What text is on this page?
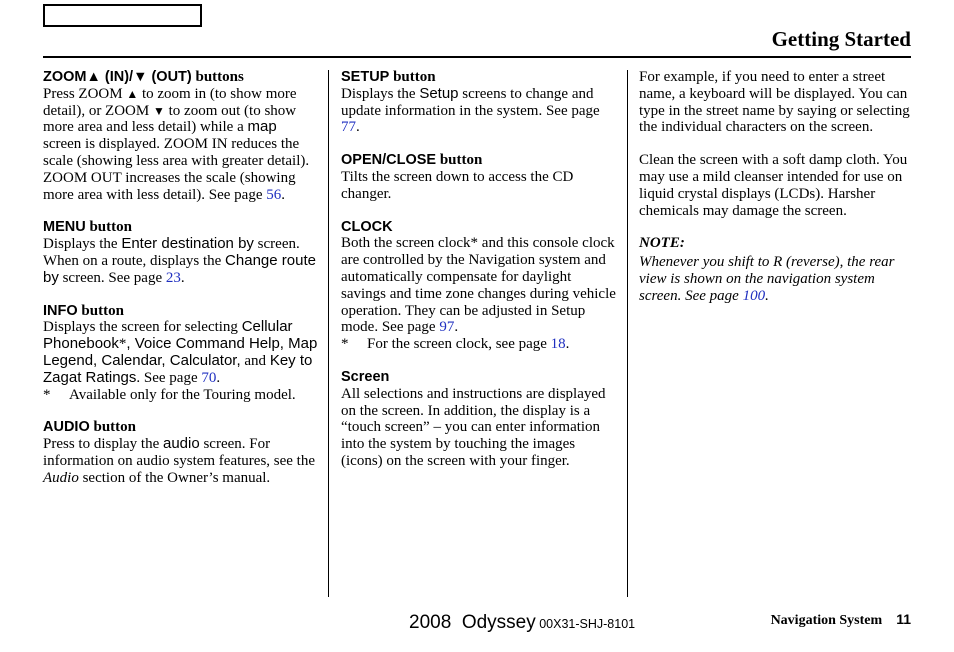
Getting Started

ZOOM▲ (IN)/▼ (OUT) buttons

Press ZOOM ▲ to zoom in (to show more detail), or ZOOM ▼ to zoom out (to show more area and less detail) while a map screen is displayed. ZOOM IN reduces the scale (showing less area with greater detail). ZOOM OUT increases the scale (showing more area with less detail). See page 56.

MENU button

Displays the Enter destination by screen. When on a route, displays the Change route by screen. See page 23.

INFO button

Displays the screen for selecting Cellular Phonebook*, Voice Command Help, Map Legend, Calendar, Calculator, and Key to Zagat Ratings. See page 70.

* Available only for the Touring model.

AUDIO button

Press to display the audio screen. For information on audio system features, see the Audio section of the Owner’s manual.

SETUP button

Displays the Setup screens to change and update information in the system. See page 77.

OPEN/CLOSE button

Tilts the screen down to access the CD changer.

CLOCK

Both the screen clock* and this console clock are controlled by the Navigation system and automatically compensate for daylight savings and time zone changes during vehicle operation. They can be adjusted in Setup mode. See page 97.

* For the screen clock, see page 18.

Screen

All selections and instructions are displayed on the screen. In addition, the display is a “touch screen” – you can enter information into the system by touching the images (icons) on the screen with your finger.

For example, if you need to enter a street name, a keyboard will be displayed. You can type in the street name by saying or selecting the individual characters on the screen.

Clean the screen with a soft damp cloth. You may use a mild cleanser intended for use on liquid crystal displays (LCDs). Harsher chemicals may damage the screen.

NOTE:

Whenever you shift to R (reverse), the rear view is shown on the navigation system screen. See page 100.

2008  Odyssey 00X31-SHJ-8101	Navigation System 11
